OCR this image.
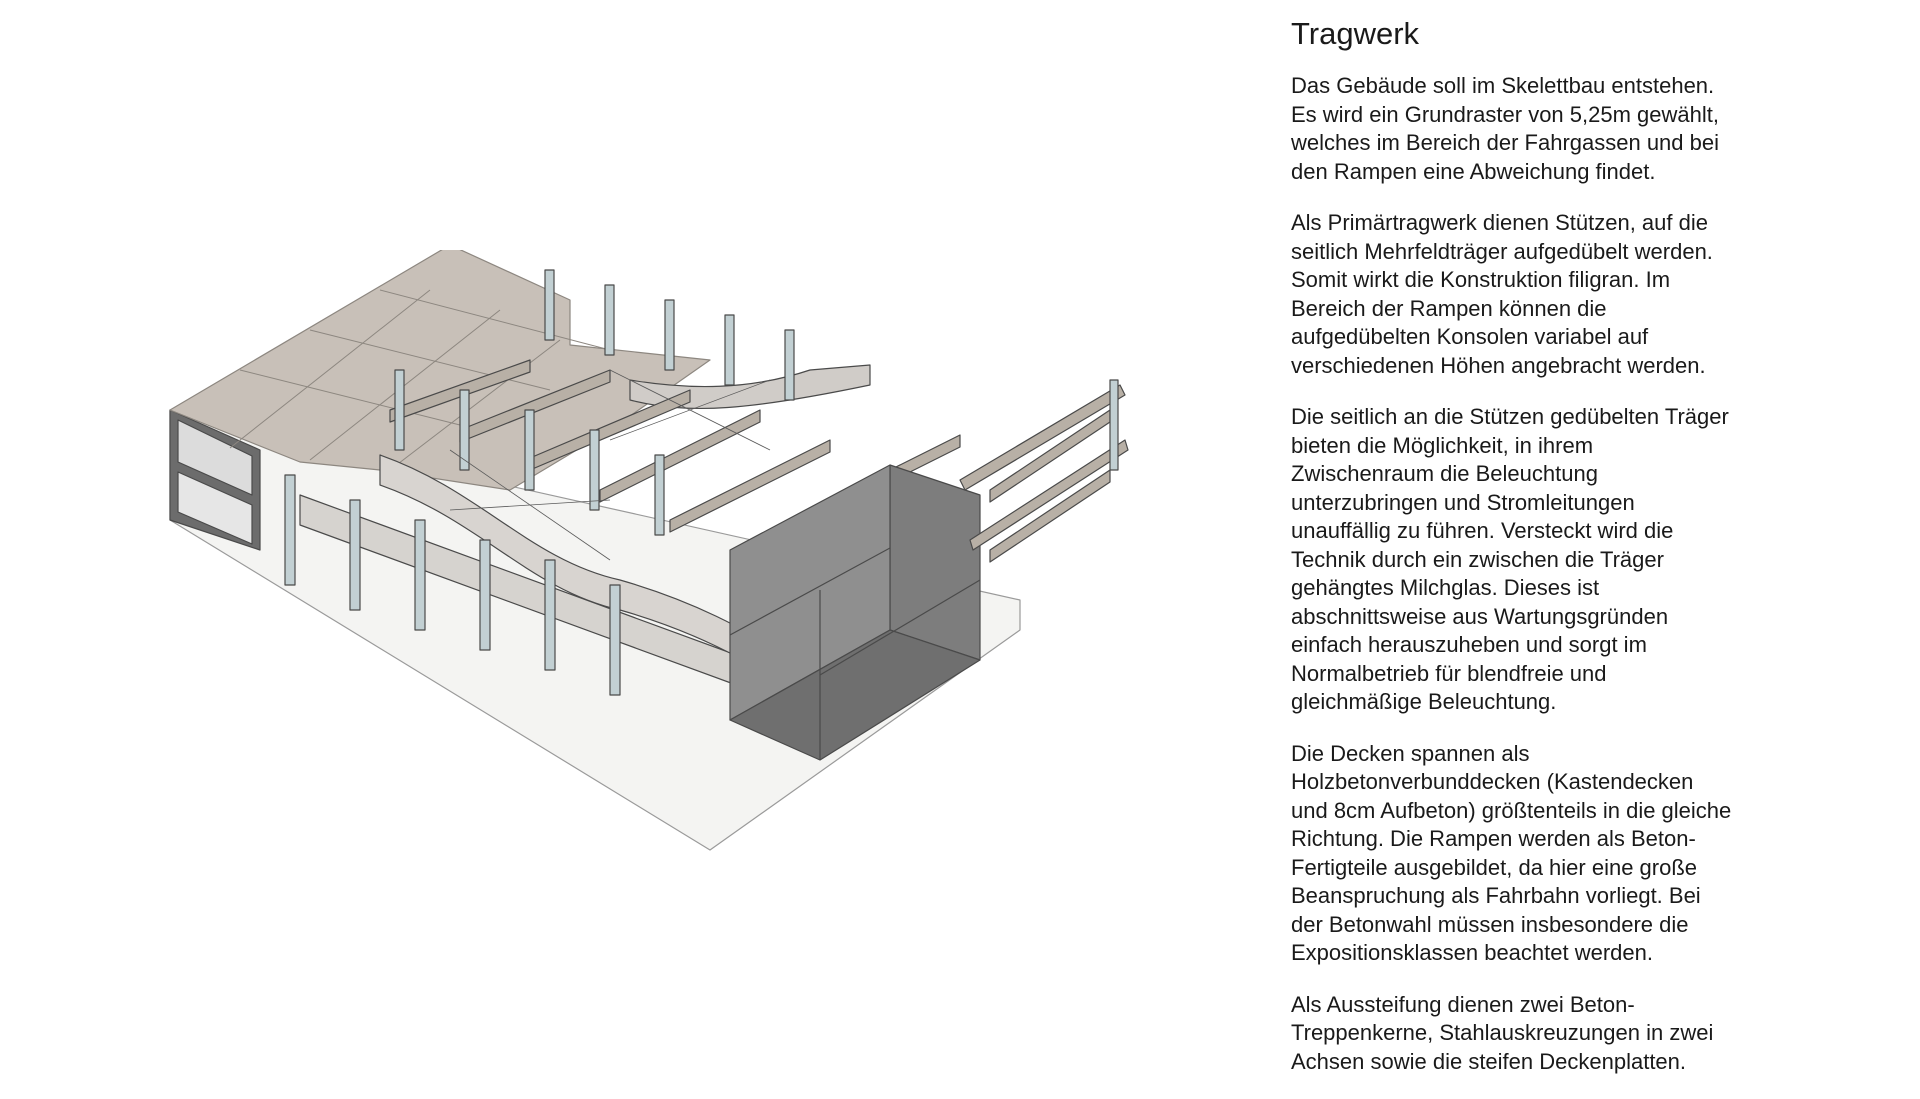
Tragwerk

Das Gebäude soll im Skelettbau entstehen.
Es wird ein Grundraster von 5,25m gewählt,
welches im Bereich der Fahrgassen und bei
den Rampen eine Abweichung findet.

Als Primärtragwerk dienen Stützen, auf die
seitlich Mehrfeldträger aufgedübelt werden.
Somit wirkt die Konstruktion filigran. Im
Bereich der Rampen können die
aufgedübelten Konsolen variabel auf
verschiedenen Höhen angebracht werden.

Die seitlich an die Stützen gedübelten Träger
bieten die Möglichkeit, in ihrem
Zwischenraum die Beleuchtung
unterzubringen und Stromleitungen
unauffällig zu führen. Versteckt wird die
Technik durch ein zwischen die Träger
gehängtes Milchglas. Dieses ist
abschnittsweise aus Wartungsgründen
einfach herauszuheben und sorgt im
Normalbetrieb für blendfreie und
gleichmäßige Beleuchtung.

Die Decken spannen als
Holzbetonverbunddecken (Kastendecken
und 8cm Aufbeton) größtenteils in die gleiche
Richtung. Die Rampen werden als Beton-
Fertigteile ausgebildet, da hier eine große
Beanspruchung als Fahrbahn vorliegt. Bei
der Betonwahl müssen insbesondere die
Expositionsklassen beachtet werden.

Als Aussteifung dienen zwei Beton-
Treppenkerne, Stahlauskreuzungen in zwei
Achsen sowie die steifen Deckenplatten.
